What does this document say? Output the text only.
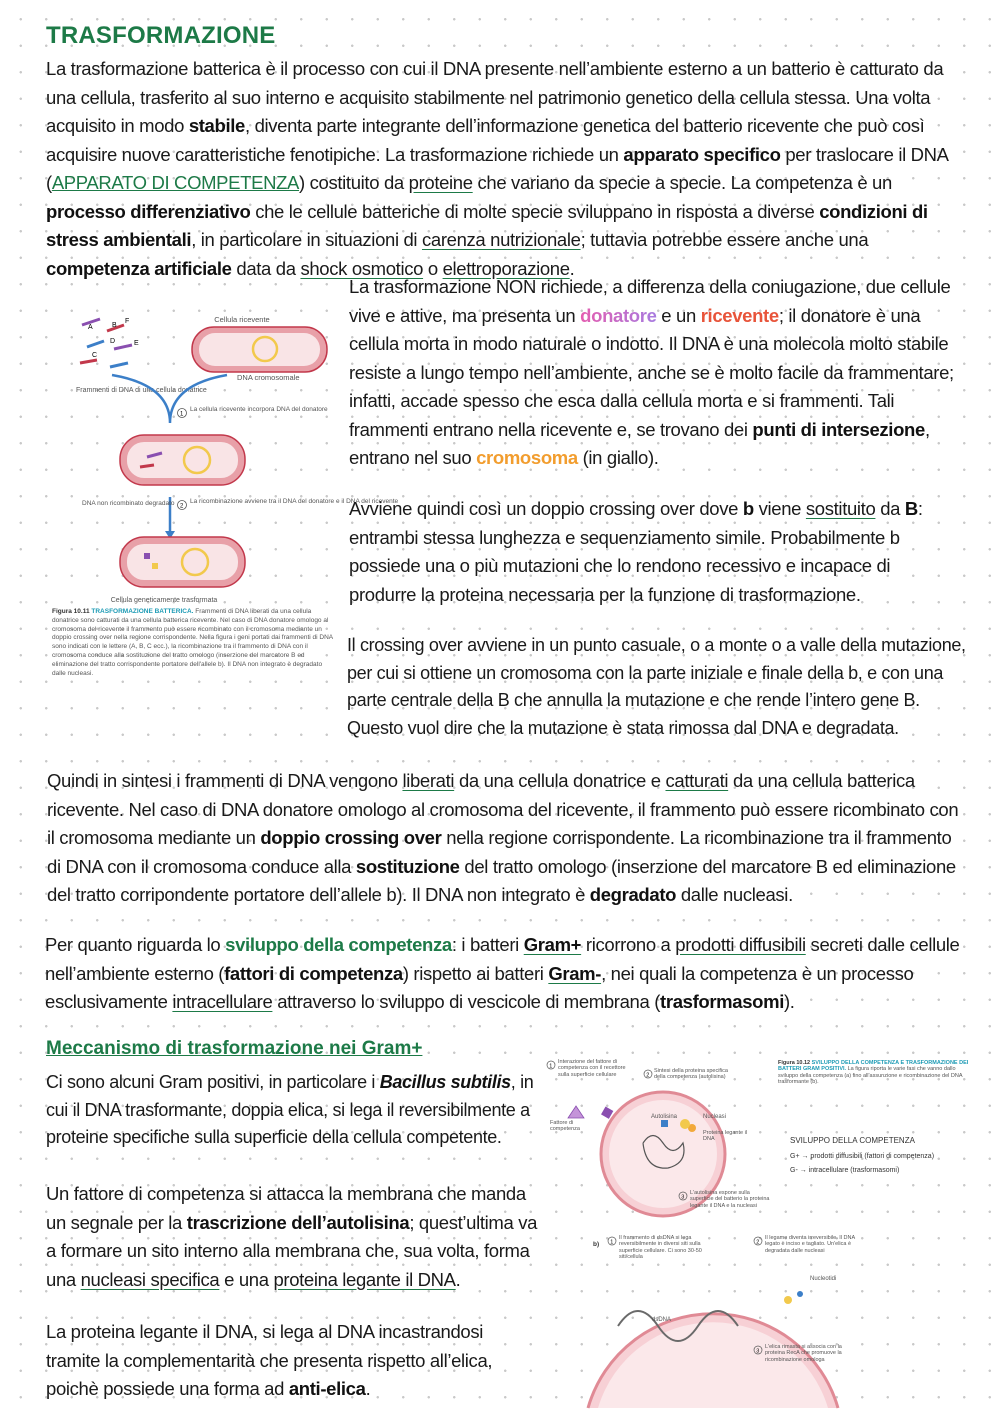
TRASFORMAZIONE

La trasformazione batterica è il processo con cui il DNA presente nell’ambiente esterno a un batterio è catturato da una cellula, trasferito al suo interno e acquisito stabilmente nel patrimonio genetico della cellula stessa. Una volta acquisito in modo stabile, diventa parte integrante dell’informazione genetica del batterio ricevente che può così acquisire nuove caratteristiche fenotipiche. La trasformazione richiede un apparato specifico per traslocare il DNA (APPARATO DI COMPETENZA) costituito da proteine che variano da specie a specie. La competenza è un processo differenziativo che le cellule batteriche di molte specie sviluppano in risposta a diverse condizioni di stress ambientali, in particolare in situazioni di carenza nutrizionale; tuttavia potrebbe essere anche una competenza artificiale data da shock osmotico o elettroporazione.

Cellula ricevente
DNA cromosomale
A	B
F
D	E
C
Frammenti di DNA di una cellula donatrice
1
La cellula ricevente incorpora DNA del donatore
2
La ricombinazione avviene tra il DNA del donatore e il DNA del ricevente
DNA non ricombinato degradato
Cellula geneticamente trasformata
Figura 10.11 TRASFORMAZIONE BATTERICA. Frammenti di DNA liberati da una cellula donatrice sono catturati da una cellula batterica ricevente. Nel caso di DNA donatore omologo al cromosoma del ricevente il frammento può essere ricombinato con il cromosoma mediante un doppio crossing over nella regione corrispondente. Nella figura i geni portati dai frammenti di DNA sono indicati con le lettere (A, B, C ecc.), la ricombinazione tra il frammento di DNA con il cromosoma conduce alla sostituzione del tratto omologo (inserzione del marcatore B ed eliminazione del tratto corrispondente portatore dell'allele b). Il DNA non integrato è degradato dalle nucleasi.

La trasformazione NON richiede, a differenza della coniugazione, due cellule vive e attive, ma presenta un donatore e un ricevente; il donatore è una cellula morta in modo naturale o indotto. Il DNA è una molecola molto stabile resiste a lungo tempo nell’ambiente, anche se è molto facile da frammentare; infatti, accade spesso che esca dalla cellula morta e si frammenti. Tali frammenti entrano nella ricevente e, se trovano dei punti di intersezione, entrano nel suo cromosoma (in giallo).

Avviene quindi così un doppio crossing over dove b viene sostituito da B: entrambi stessa lunghezza e sequenziamento simile. Probabilmente b possiede una o più mutazioni che lo rendono recessivo e incapace di produrre la proteina necessaria per la funzione di trasformazione.

Il crossing over avviene in un punto casuale, o a monte o a valle della mutazione, per cui si ottiene un cromosoma con la parte iniziale e finale della b, e con una parte centrale della B che annulla la mutazione e che rende l’intero gene B. Questo vuol dire che la mutazione è stata rimossa dal DNA e degradata.

Quindi in sintesi i frammenti di DNA vengono liberati da una cellula donatrice e catturati da una cellula batterica ricevente. Nel caso di DNA donatore omologo al cromosoma del ricevente, il frammento può essere ricombinato con il cromosoma mediante un doppio crossing over nella regione corrispondente. La ricombinazione tra il frammento di DNA con il cromosoma conduce alla sostituzione del tratto omologo (inserzione del marcatore B ed eliminazione del tratto corripondente portatore dell’allele b). Il DNA non integrato è degradato dalle nucleasi.

Per quanto riguarda lo sviluppo della competenza: i batteri Gram+ ricorrono a prodotti diffusibili secreti dalle cellule nell’ambiente esterno (fattori di competenza) rispetto ai batteri Gram-, nei quali la competenza è un processo esclusivamente intracellulare attraverso lo sviluppo di vescicole di membrana (trasformasomi).

Meccanismo di trasformazione nei Gram+

Ci sono alcuni Gram positivi, in particolare i Bacillus subtilis, in cui il DNA trasformante, doppia elica, si lega il reversibilmente a proteine specifiche sulla superficie della cellula competente.

Un fattore di competenza si attacca la membrana che manda un segnale per la trascrizione dell’autolisina; quest’ultima va a formare un sito interno alla membrana che, sua volta, forma una nucleasi specifica e una proteina legante il DNA.

La proteina legante il DNA, si lega al DNA incastrandosi tramite la complementarità che presenta rispetto all’elica, poichè possiede una forma ad anti-elica.

1
Interazione del fattore di competenza con il recettore sulla superficie cellulare
Fattore di competenza
Autolisina	Nucleasi
2
Sintesi della proteina specifica della competenza (autolisina)
Proteina legante il DNA
3
L'autolisina espone sulla superficie del batterio la proteina legante il DNA e la nucleasi
Figura 10.12 SVILUPPO DELLA COMPETENZA E TRASFORMAZIONE DEI BATTERI GRAM POSITIVI. La figura riporta le varie fasi che vanno dallo sviluppo della competenza (a) fino all'assunzione e ricombinazione del DNA trasformante (b).
SVILUPPO DELLA COMPETENZA
G+ → prodotti diffusibili (fattori di competenza)
G- → intracellulare (trasformasomi)
b) 1
Il frammento di dsDNA si lega reversibilmente in diversi siti sulla superficie cellulare. Ci sono 30-50 siti/cellula
2
Il legame diventa irreversibile. Il DNA legato è inciso e tagliato. Un'elica è degradata dalle nucleasi
dsDNA
Nucleotidi
3
L'elica rimasta si associa con la proteina RecA che promuove la ricombinazione omologa
